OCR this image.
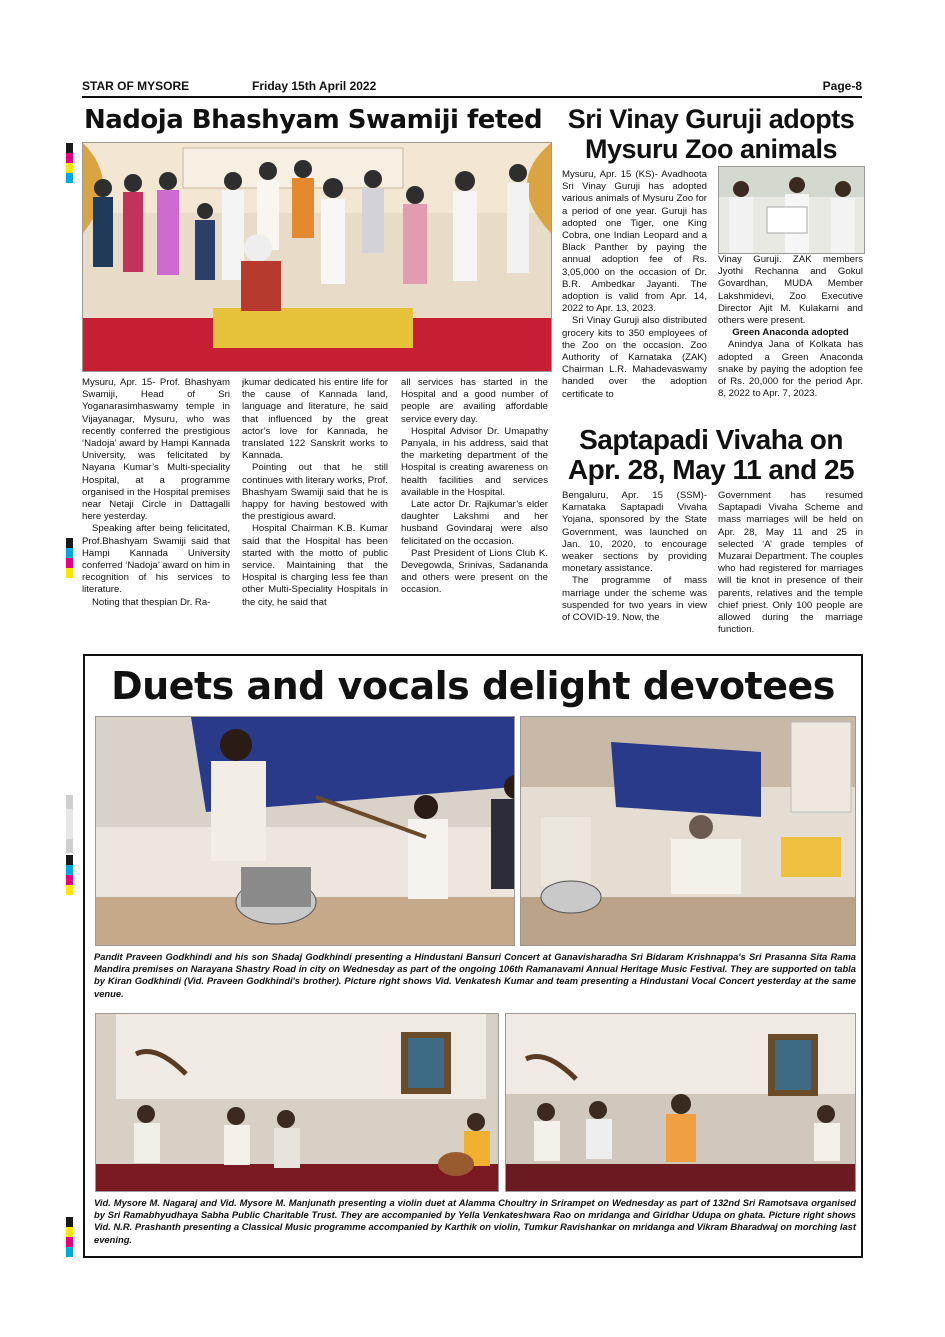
STAR OF MYSORE	Friday 15th April 2022	Page-8
Nadoja Bhashyam Swamiji feted

Mysuru, Apr. 15- Prof. Bhashyam Swamiji, Head of Sri Yoganarasimhaswamy temple in Vijayanagar, Mysuru, who was recently conferred the prestigious ‘Nadoja’ award by Hampi Kannada University, was felicitated by Nayana Kumar’s Multi-speciality Hospital, at a programme organised in the Hospital premises near Netaji Circle in Dattagalli here yesterday.

Speaking after being felicitated, Prof.Bhashyam Swamiji said that Hampi Kannada University conferred ‘Nadoja’ award on him in recognition of his services to literature.

Noting that thespian Dr. Ra-

jkumar dedicated his entire life for the cause of Kannada land, language and literature, he said that influenced by the great actor’s love for Kannada, he translated 122 Sanskrit works to Kannada.

Pointing out that he still continues with literary works, Prof. Bhashyam Swamiji said that he is happy for having bestowed with the prestigious award.

Hospital Chairman K.B. Kumar said that the Hospital has been started with the motto of public service. Maintaining that the Hospital is charging less fee than other Multi-Speciality Hospitals in the city, he said that

all services has started in the Hospital and a good number of people are availing affordable service every day.

Hospital Advisor Dr. Umapathy Panyala, in his address, said that the marketing department of the Hospital is creating awareness on health facilities and services available in the Hospital.

Late actor Dr. Rajkumar’s elder daughter Lakshmi and her husband Govindaraj were also felicitated on the occasion.

Past President of Lions Club K. Devegowda, Srinivas, Sadananda and others were present on the occasion.

Sri Vinay Guruji adopts Mysuru Zoo animals

Mysuru, Apr. 15 (KS)- Avadhoota Sri Vinay Guruji has adopted various animals of Mysuru Zoo for a period of one year. Guruji has adopted one Tiger, one King Cobra, one Indian Leopard and a Black Panther by paying the annual adoption fee of Rs. 3,05,000 on the occasion of Dr. B.R. Ambedkar Jayanti. The adoption is valid from Apr. 14, 2022 to Apr. 13, 2023.

Sri Vinay Guruji also distributed grocery kits to 350 employees of the Zoo on the occasion. Zoo Authority of Karnataka (ZAK) Chairman L.R. Mahadevaswamy handed over the adoption certificate to

Vinay Guruji. ZAK members Jyothi Rechanna and Gokul Govardhan, MUDA Member Lakshmidevi, Zoo Executive Director Ajit M. Kulakarni and others were present.

Green Anaconda adopted

Anindya Jana of Kolkata has adopted a Green Anaconda snake by paying the adoption fee of Rs. 20,000 for the period Apr. 8, 2022 to Apr. 7, 2023.

Saptapadi Vivaha on
Apr. 28, May 11 and 25

Bengaluru, Apr. 15 (SSM)- Karnataka Saptapadi Vivaha Yojana, sponsored by the State Government, was launched on Jan. 10, 2020, to encourage weaker sections by providing monetary assistance.

The programme of mass marriage under the scheme was suspended for two years in view of COVID-19. Now, the

Government has resumed Saptapadi Vivaha Scheme and mass marriages will be held on Apr. 28, May 11 and 25 in selected ‘A’ grade temples of Muzarai Department. The couples who had registered for marriages will tie knot in presence of their parents, relatives and the temple chief priest. Only 100 people are allowed during the marriage function.

Duets and vocals delight devotees
Pandit Praveen Godkhindi and his son Shadaj Godkhindi presenting a Hindustani Bansuri Concert at Ganavisharadha Sri Bidaram Krishnappa's Sri Prasanna Sita Rama Mandira premises on Narayana Shastry Road in city on Wednesday as part of the ongoing 106th Ramanavami Annual Heritage Music Festival. They are supported on tabla by Kiran Godkhindi (Vid. Praveen Godkhindi's brother). Picture right shows Vid. Venkatesh Kumar and team presenting a Hindustani Vocal Concert yesterday at the same venue.
Vid. Mysore M. Nagaraj and Vid. Mysore M. Manjunath presenting a violin duet at Alamma Choultry in Srirampet on Wednesday as part of 132nd Sri Ramotsava organised by Sri Ramabhyudhaya Sabha Public Charitable Trust. They are accompanied by Yella Venkateshwara Rao on mridanga and Giridhar Udupa on ghata. Picture right shows Vid. N.R. Prashanth presenting a Classical Music programme accompanied by Karthik on violin, Tumkur Ravishankar on mridanga and Vikram Bharadwaj on morching last evening.
